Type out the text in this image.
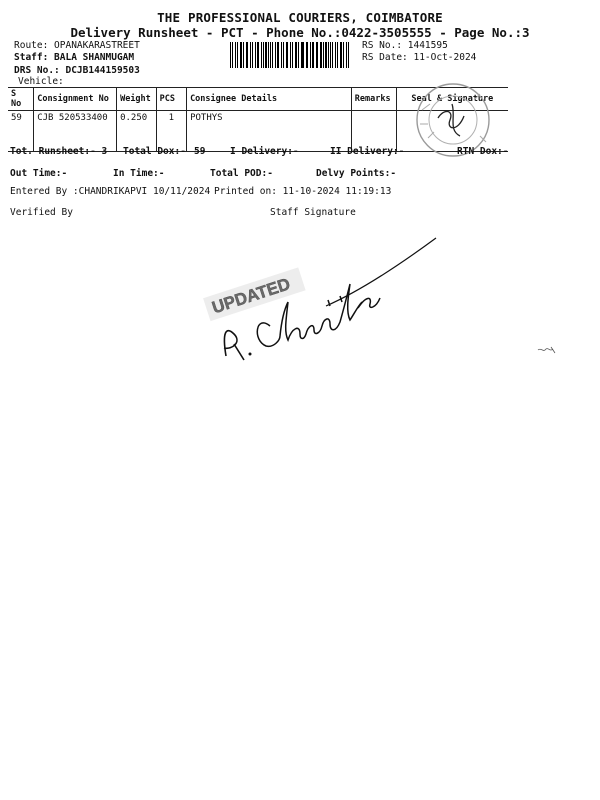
THE PROFESSIONAL COURIERS, COIMBATORE
Delivery Runsheet - PCT - Phone No.:0422-3505555 - Page No.:3
Route: OPANAKARASTREET
Staff: BALA SHANMUGAM
DRS No.: DCJB144159503
Vehicle:
RS No.: 1441595
RS Date: 11-Oct-2024
S No	Consignment No	Weight	PCS	Consignee Details	Remarks	Seal & Signature
59	CJB 520533400	0.250	1	POTHYS		
Tot. Runsheet:- 3 Total Dox:- 59	I Delivery:-	II Delivery:-	RTN Dox:-
Out Time:-	In Time:-	Total POD:-	Delvy Points:-
Entered By :CHANDRIKAPVI 10/11/2024 Printed on: 11-10-2024 11:19:13
Verified By	Staff Signature
UPDATED
